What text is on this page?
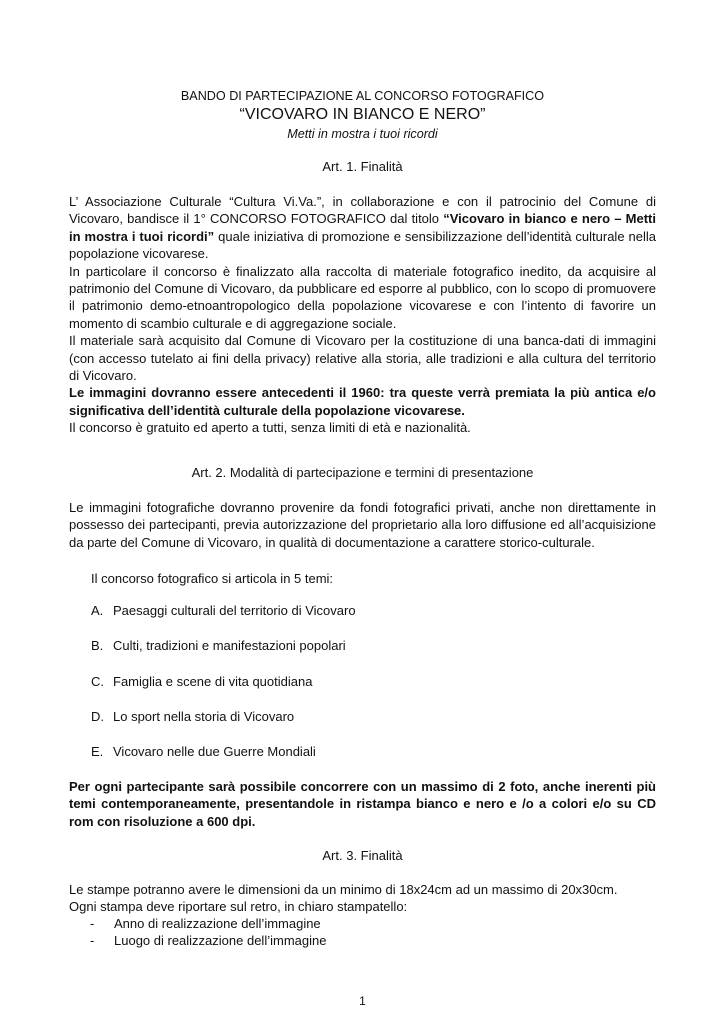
BANDO DI PARTECIPAZIONE AL CONCORSO FOTOGRAFICO
“VICOVARO IN BIANCO E NERO”
Metti in mostra i tuoi ricordi
Art. 1. Finalità

L’ Associazione Culturale “Cultura Vi.Va.”, in collaborazione e con il patrocinio del Comune di Vicovaro, bandisce il 1° CONCORSO FOTOGRAFICO dal titolo “Vicovaro in bianco e nero – Metti in mostra i tuoi ricordi” quale iniziativa di promozione e sensibilizzazione dell’identità culturale nella popolazione vicovarese.

In particolare il concorso è finalizzato alla raccolta di materiale fotografico inedito, da acquisire al patrimonio del Comune di Vicovaro, da pubblicare ed esporre al pubblico, con lo scopo di promuovere il patrimonio demo-etnoantropologico della popolazione vicovarese e con l’intento di favorire un momento di scambio culturale e di aggregazione sociale.

Il materiale sarà acquisito dal Comune di Vicovaro per la costituzione di una banca-dati di immagini (con accesso tutelato ai fini della privacy) relative alla storia, alle tradizioni e alla cultura del territorio di Vicovaro.

Le immagini dovranno essere antecedenti il 1960: tra queste verrà premiata la più antica e/o significativa dell’identità culturale della popolazione vicovarese.

Il concorso è gratuito ed aperto a tutti, senza limiti di età e nazionalità.

Art. 2. Modalità di partecipazione e termini di presentazione
Le immagini fotografiche dovranno provenire da fondi fotografici privati, anche non direttamente in possesso dei partecipanti, previa autorizzazione del proprietario alla loro diffusione ed all’acquisizione da parte del Comune di Vicovaro, in qualità di documentazione a carattere storico-culturale.
Il concorso fotografico si articola in 5 temi:
A. Paesaggi culturali del territorio di Vicovaro
B. Culti, tradizioni e manifestazioni popolari
C. Famiglia e scene di vita quotidiana
D. Lo sport nella storia di Vicovaro
E. Vicovaro nelle due Guerre Mondiali
Per ogni partecipante sarà possibile concorrere con un massimo di 2 foto, anche inerenti più temi contemporaneamente, presentandole in ristampa bianco e nero e /o a colori e/o su CD rom con risoluzione a 600 dpi.
Art. 3. Finalità
Le stampe potranno avere le dimensioni da un minimo di 18x24cm ad un massimo di 20x30cm.
Ogni stampa deve riportare sul retro, in chiaro stampatello:
- Anno di realizzazione dell’immagine
- Luogo di realizzazione dell’immagine
1
